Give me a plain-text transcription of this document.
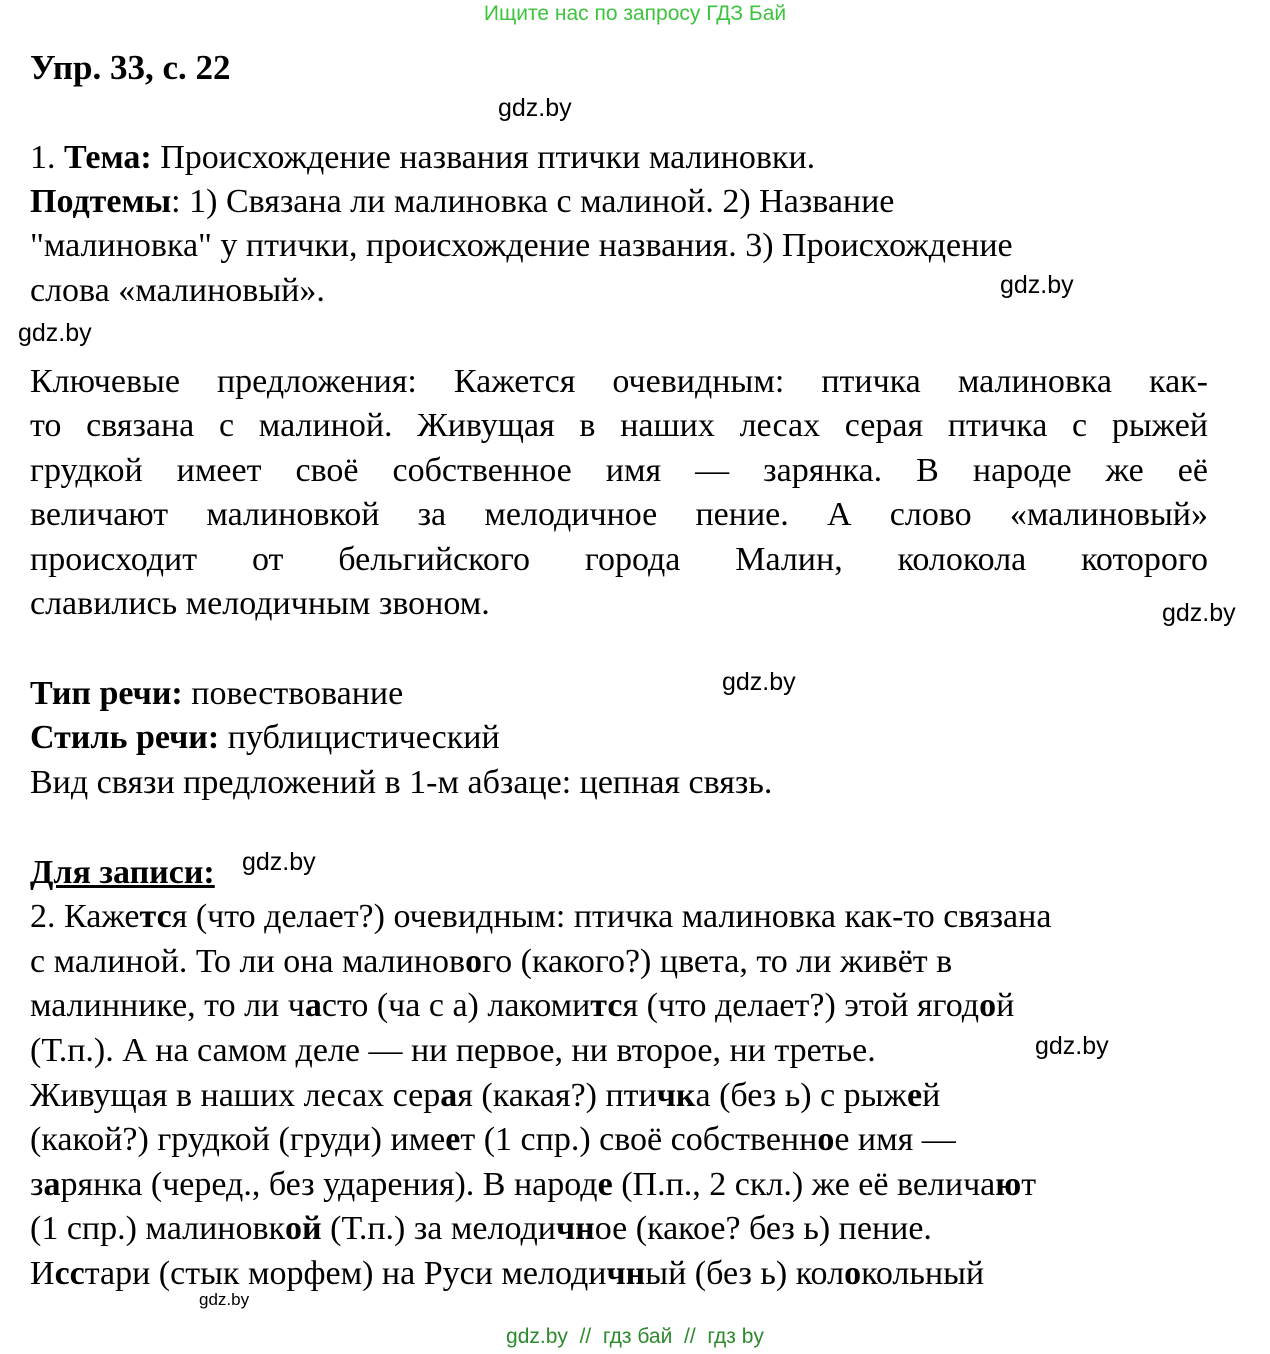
Ищите нас по запросу ГДЗ Бай
Упр. 33, с. 22
gdz.by
gdz.by
gdz.by
gdz.by
gdz.by
gdz.by
gdz.by
gdz.by
1. Тема: Происхождение названия птички малиновки.
Подтемы: 1) Связана ли малиновка с малиной. 2) Название
"малиновка" у птички, происхождение названия. 3) Происхождение
слова «малиновый».
Ключевые предложения: Кажется очевидным: птичка малиновка как-
то связана с малиной. Живущая в наших лесах серая птичка с рыжей
грудкой имеет своё собственное имя — зарянка. В народе же её
величают малиновкой за мелодичное пение. А слово «малиновый»
происходит от бельгийского города Малин, колокола которого
славились мелодичным звоном.
Тип речи: повествование
Стиль речи: публицистический
Вид связи предложений в 1-м абзаце: цепная связь.
Для записи:
2. Кажется (что делает?) очевидным: птичка малиновка как-то связана
с малиной. То ли она малинового (какого?) цвета, то ли живёт в
малиннике, то ли часто (ча с а) лакомится (что делает?) этой ягодой
(Т.п.). А на самом деле — ни первое, ни второе, ни третье.
Живущая в наших лесах серая (какая?) птичка (без ь) с рыжей
(какой?) грудкой (груди) имеет (1 спр.) своё собственное имя —
зарянка (черед., без ударения). В народе (П.п., 2 скл.) же её величают
(1 спр.) малиновкой (Т.п.) за мелодичное (какое? без ь) пение.
Исстари (стык морфем) на Руси мелодичный (без ь) колокольный
gdz.by  //  гдз бай  //  гдз by
